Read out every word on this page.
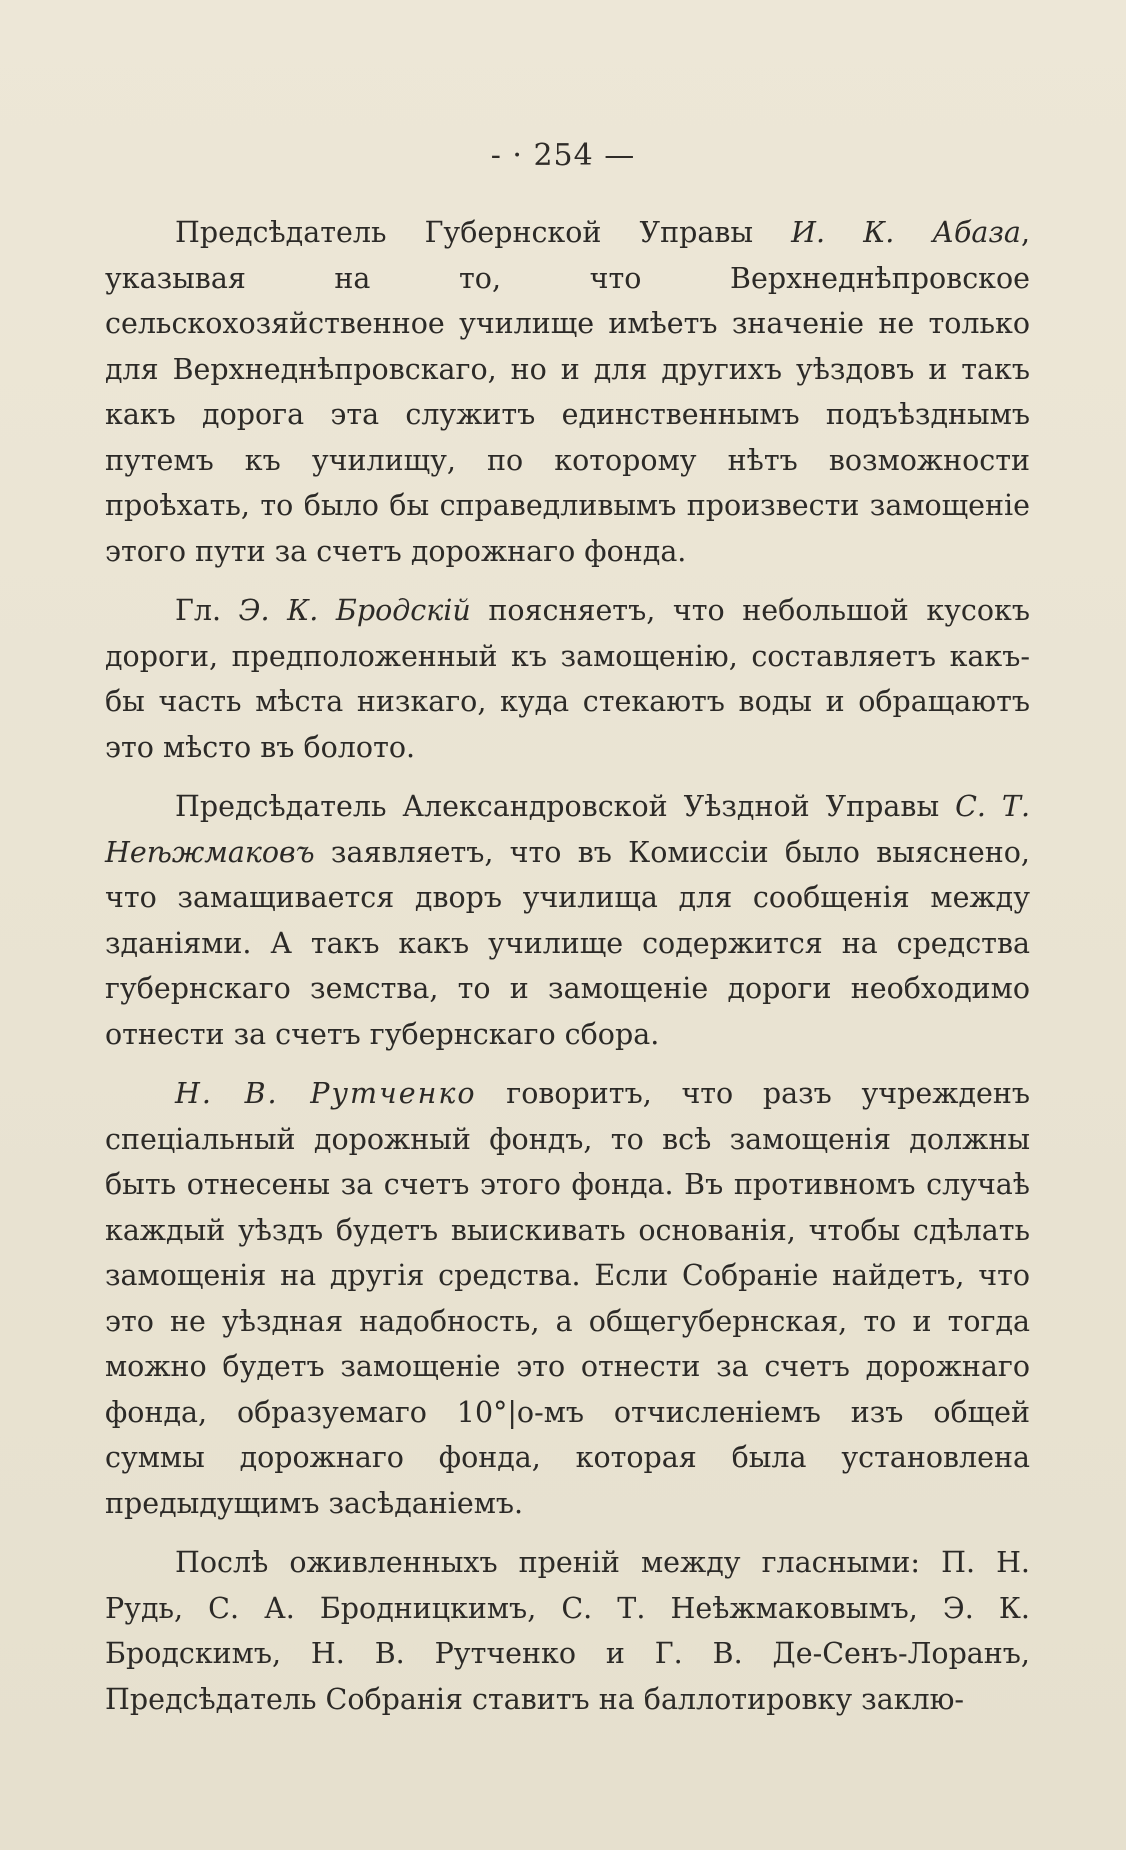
- · 254 —

Предсѣдатель Губернской Управы И. К. Абаза, указывая на то, что Верхнеднѣпровское сельскохозяйственное училище имѣетъ значенiе не только для Верхнеднѣпровскаго, но и для другихъ уѣздовъ и такъ какъ дорога эта служитъ единственнымъ подъѣзднымъ путемъ къ училищу, по которому нѣтъ возможности проѣхать, то было бы справедливымъ произвести замощенiе этого пути за счетъ дорожнаго фонда.

Гл. Э. К. Бродскiй поясняетъ, что небольшой кусокъ дороги, предположенный къ замощенiю, составляетъ какъ-бы часть мѣста низкаго, куда стекаютъ воды и обращаютъ это мѣсто въ болото.

Предсѣдатель Александровской Уѣздной Управы С. Т. Неѣжмаковъ заявляетъ, что въ Комиссiи было выяснено, что замащивается дворъ училища для сообщенiя между зданiями. А такъ какъ училище содержится на средства губернскаго земства, то и замощенiе дороги необходимо отнести за счетъ губернскаго сбора.

Н. В. Рутченко говоритъ, что разъ учрежденъ спецiальный дорожный фондъ, то всѣ замощенiя должны быть отнесены за счетъ этого фонда. Въ противномъ случаѣ каждый уѣздъ будетъ выискивать основанiя, чтобы сдѣлать замощенiя на другiя средства. Если Собранiе найдетъ, что это не уѣздная надобность, а общегубернская, то и тогда можно будетъ замощенiе это отнести за счетъ дорожнаго фонда, образуемаго 10°|о-мъ отчисленiемъ изъ общей суммы дорожнаго фонда, которая была установлена предыдущимъ засѣданiемъ.

Послѣ оживленныхъ пренiй между гласными: П. Н. Рудь, С. А. Бродницкимъ, С. Т. Неѣжмаковымъ, Э. К. Бродскимъ, Н. В. Рутченко и Г. В. Де-Сенъ-Лоранъ, Предсѣдатель Собранiя ставитъ на баллотировку заклю-
